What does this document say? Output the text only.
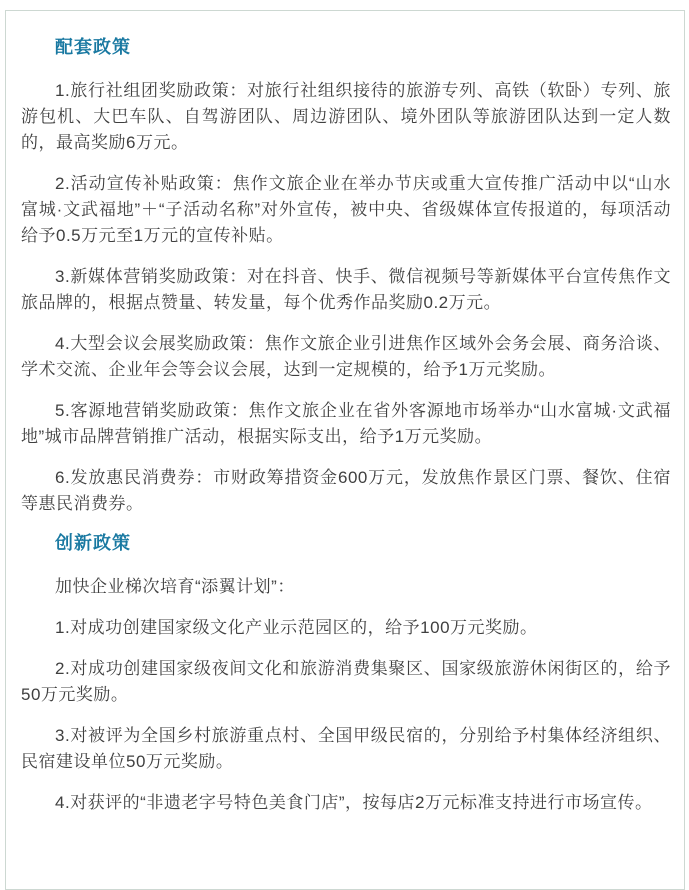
配套政策

1.旅行社组团奖励政策：对旅行社组织接待的旅游专列、高铁（软卧）专列、旅游包机、大巴车队、自驾游团队、周边游团队、境外团队等旅游团队达到一定人数的，最高奖励6万元。

2.活动宣传补贴政策：焦作文旅企业在举办节庆或重大宣传推广活动中以“山水富城·文武福地”＋“子活动名称”对外宣传，被中央、省级媒体宣传报道的，每项活动给予0.5万元至1万元的宣传补贴。

3.新媒体营销奖励政策：对在抖音、快手、微信视频号等新媒体平台宣传焦作文旅品牌的，根据点赞量、转发量，每个优秀作品奖励0.2万元。

4.大型会议会展奖励政策：焦作文旅企业引进焦作区域外会务会展、商务洽谈、学术交流、企业年会等会议会展，达到一定规模的，给予1万元奖励。

5.客源地营销奖励政策：焦作文旅企业在省外客源地市场举办“山水富城·文武福地”城市品牌营销推广活动，根据实际支出，给予1万元奖励。

6.发放惠民消费券：市财政筹措资金600万元，发放焦作景区门票、餐饮、住宿等惠民消费券。

创新政策

加快企业梯次培育“添翼计划”：

1.对成功创建国家级文化产业示范园区的，给予100万元奖励。

2.对成功创建国家级夜间文化和旅游消费集聚区、国家级旅游休闲街区的，给予50万元奖励。

3.对被评为全国乡村旅游重点村、全国甲级民宿的，分别给予村集体经济组织、民宿建设单位50万元奖励。

4.对获评的“非遗老字号特色美食门店”，按每店2万元标准支持进行市场宣传。
